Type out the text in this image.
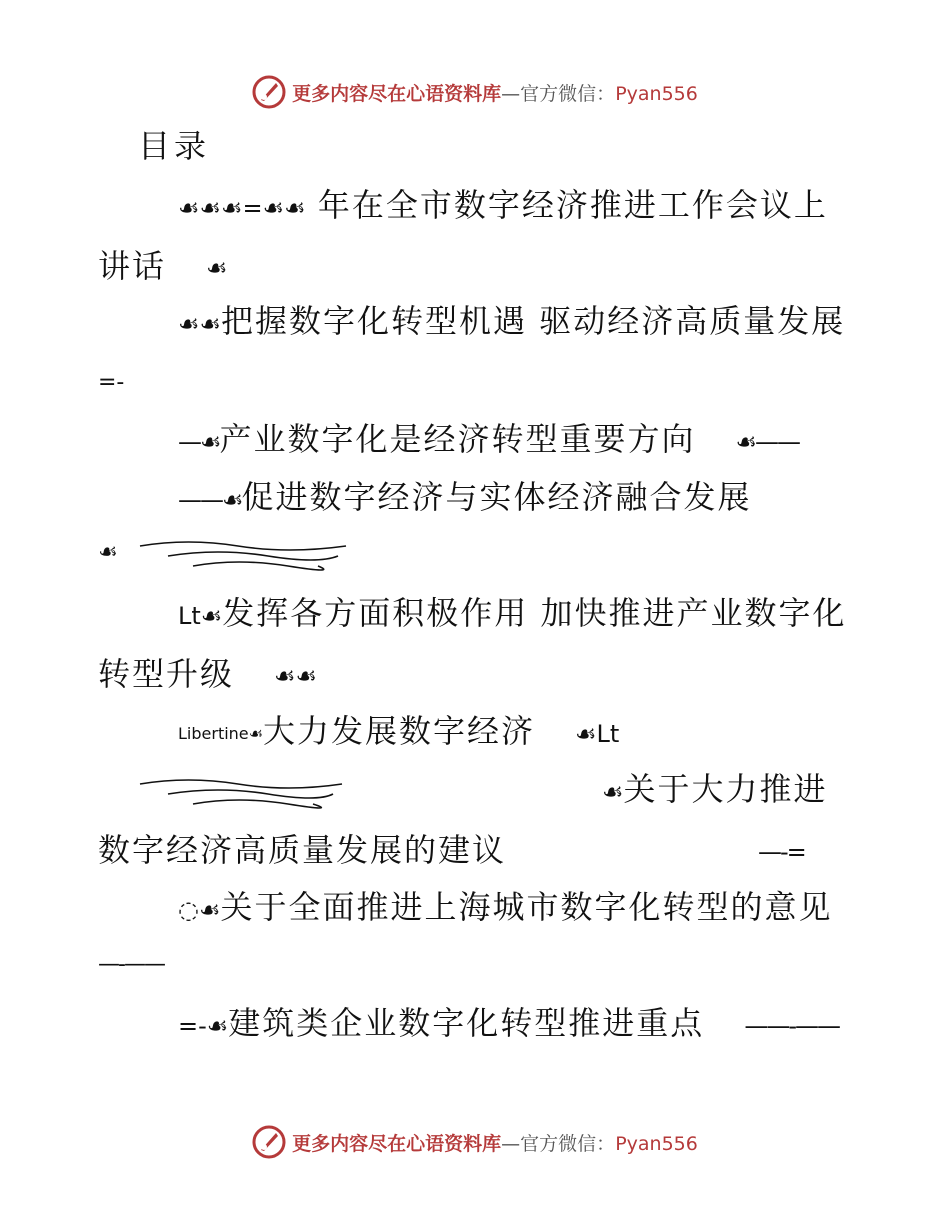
更多内容尽在心语资料库—官方微信：Pyan556
目录

☙☙☙=☙☙ 年在全市数字经济推进工作会议上讲话☙

☙☙把握数字化转型机遇 驱动经济高质量发展

=-

—☙产业数字化是经济转型重要方向☙——

——☙促进数字经济与实体经济融合发展

☙

Lt☙发挥各方面积极作用 加快推进产业数字化转型升级☙☙

Libertine☙大力发展数字经济☙Lt

☙关于大力推进数字经济高质量发展的建议	—-=

◌☙关于全面推进上海城市数字化转型的意见

—-——

=-☙建筑类企业数字化转型推进重点——-——

更多内容尽在心语资料库—官方微信：Pyan556
